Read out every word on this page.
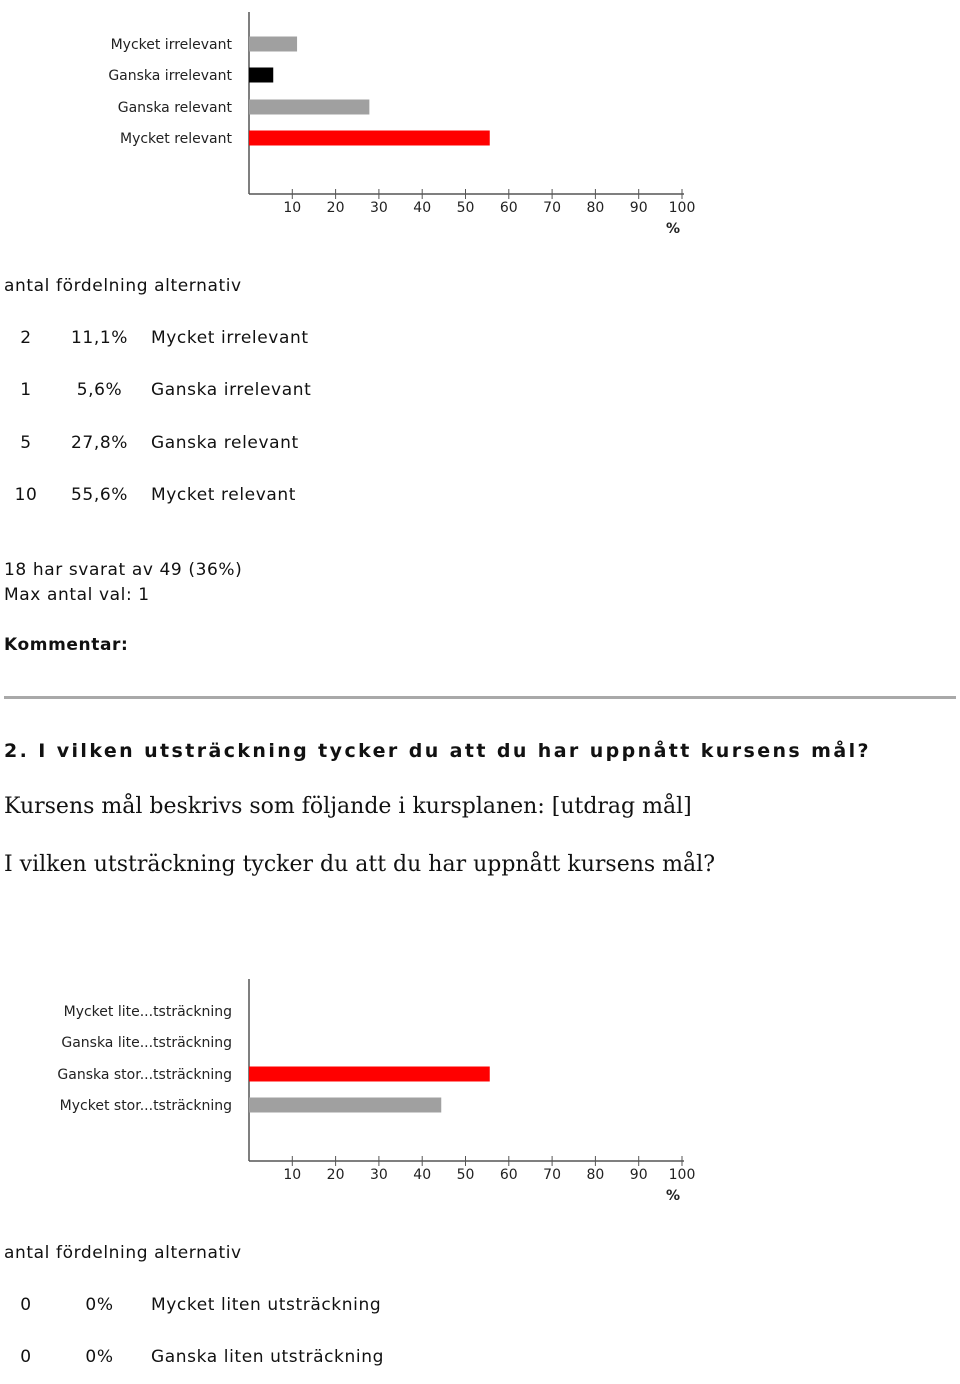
Mycket irrelevant
Ganska irrelevant
Ganska relevant
Mycket relevant
10 20 30 40 50 60 70 80 90 100
%
antal fördelning alternativ
2	11,1%	Mycket irrelevant
1	5,6%	Ganska irrelevant
5	27,8%	Ganska relevant
10	55,6%	Mycket relevant
18 har svarat av 49 (36%)
Max antal val: 1
Kommentar:
2. I vilken utsträckning tycker du att du har uppnått kursens mål?
Kursens mål beskrivs som följande i kursplanen: [utdrag mål]
I vilken utsträckning tycker du att du har uppnått kursens mål?
Mycket lite...tsträckning
Ganska lite...tsträckning
Ganska stor...tsträckning
Mycket stor...tsträckning
10 20 30 40 50 60 70 80 90 100
%
antal fördelning alternativ
0	0%	Mycket liten utsträckning
0	0%	Ganska liten utsträckning
